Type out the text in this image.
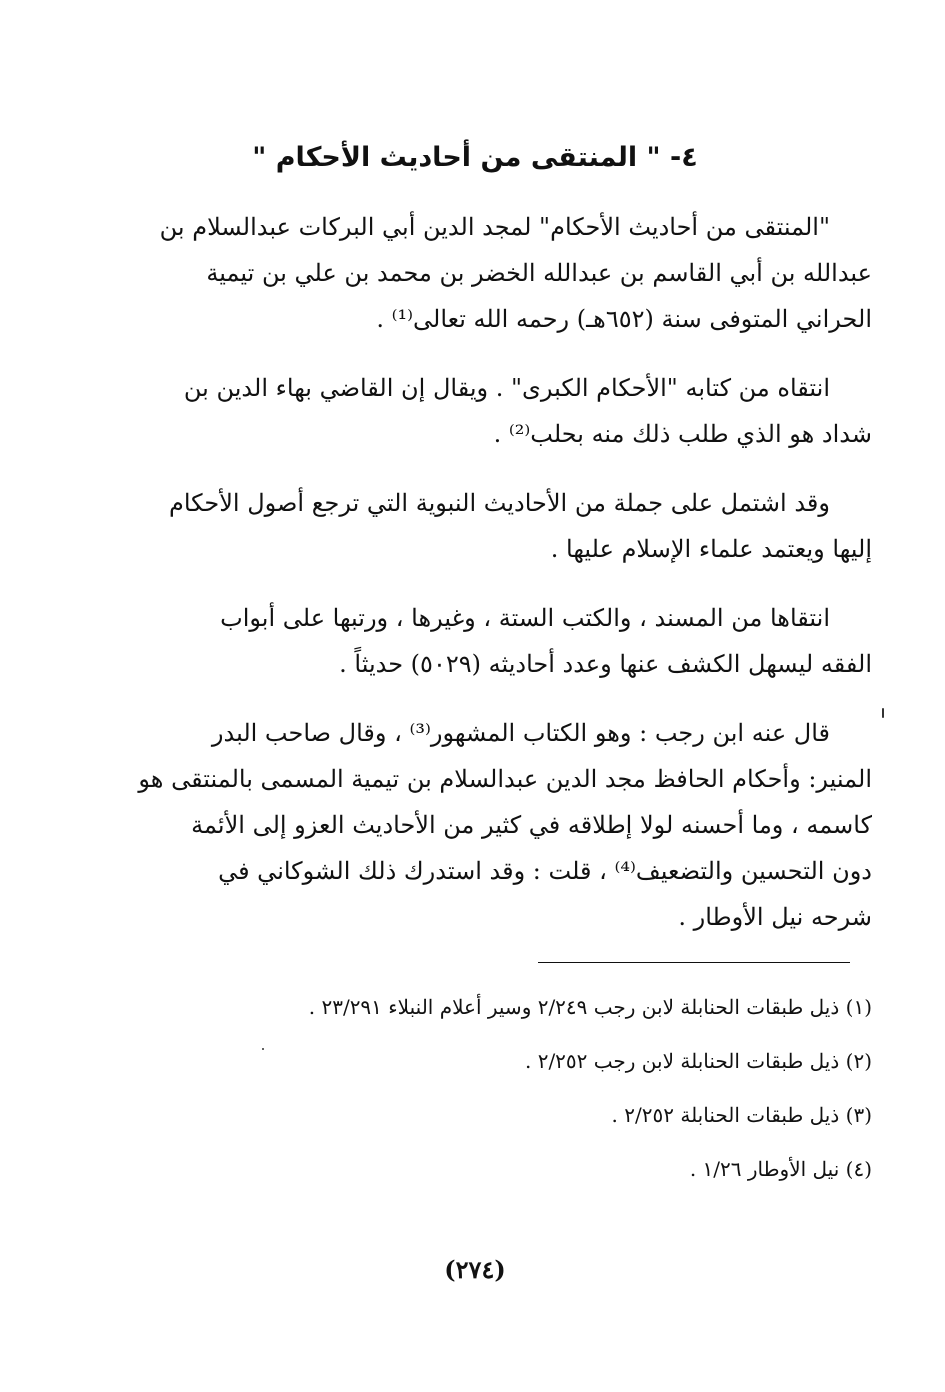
٤- " المنتقى من أحاديث الأحكام "

"المنتقى من أحاديث الأحكام" لمجد الدين أبي البركات عبدالسلام بن
عبدالله بن أبي القاسم بن عبدالله الخضر بن محمد بن علي بن تيمية
الحراني المتوفى سنة (٦٥٢هـ) رحمه الله تعالى⁽¹⁾ .

انتقاه من كتابه "الأحكام الكبرى" . ويقال إن القاضي بهاء الدين بن
شداد هو الذي طلب ذلك منه بحلب⁽²⁾ .

وقد اشتمل على جملة من الأحاديث النبوية التي ترجع أصول الأحكام
إليها ويعتمد علماء الإسلام عليها .

انتقاها من المسند ، والكتب الستة ، وغيرها ، ورتبها على أبواب
الفقه ليسهل الكشف عنها وعدد أحاديثه (٥٠٢٩) حديثاً .

قال عنه ابن رجب : وهو الكتاب المشهور⁽³⁾ ، وقال صاحب البدر
المنير: وأحكام الحافظ مجد الدين عبدالسلام بن تيمية المسمى بالمنتقى هو
كاسمه ، وما أحسنه لولا إطلاقه في كثير من الأحاديث العزو إلى الأئمة
دون التحسين والتضعيف⁽⁴⁾ ، قلت : وقد استدرك ذلك الشوكاني في
شرحه نيل الأوطار .

(١) ذيل طبقات الحنابلة لابن رجب ٢/٢٤٩ وسير أعلام النبلاء ٢٣/٢٩١ .
(٢) ذيل طبقات الحنابلة لابن رجب ٢/٢٥٢ .
(٣) ذيل طبقات الحنابلة ٢/٢٥٢ .
(٤) نيل الأوطار ١/٢٦ .
(٢٧٤)
